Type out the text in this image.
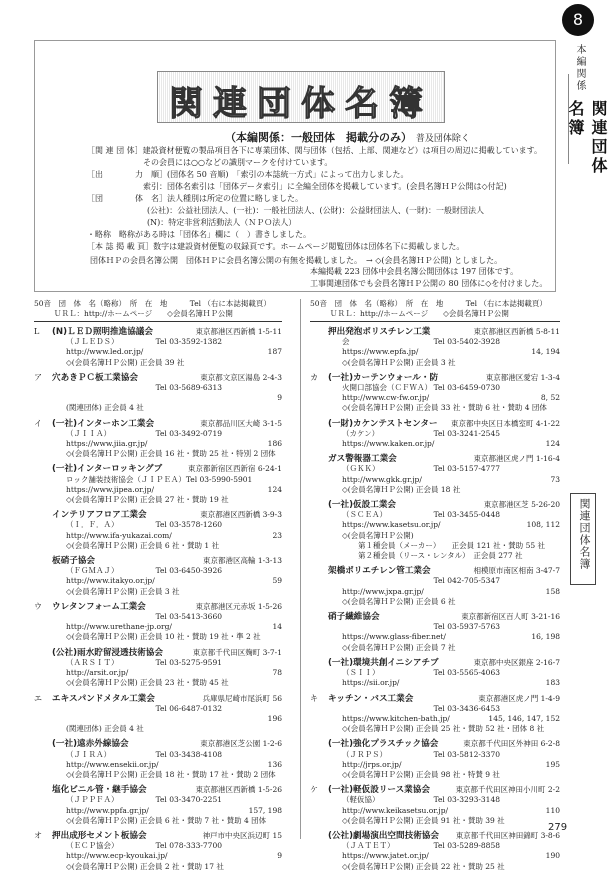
8
本編関係
関連団体名簿
関連団体名簿
関連団体名簿
（本編関係：一般団体　掲載分のみ） 普及団体除く
［関 連 団 体］建設資材便覧の製品項目各下に専業団体、関与団体（包括、上部、関連など）は項目の周辺に掲載しています。
その会員には○○などの識別マークを付けています。
［出　　　　力　順］(団体名 50 音順)　「索引の本誌統一方式」によって出力しました。
索引：団体名索引は「団体データ索引」に全編全団体を掲載しています。(会員名簿ＨＰ公開は◇付記)
［団　　　　体　名］法人種別は所定の位置に略しました。
(公社)：公益社団法人、(一社)：一般社団法人、(公財)：公益財団法人、(一財)：一般財団法人
(N)：特定非営利活動法人（ＮＰＯ法人）
・略称　略称がある時は「団体名」欄に（　）書きしました。
［本 誌 掲 載 頁］数字は建設資材便覧の収録頁です。ホームページ閲覧団体は団体名下に掲載しました。
団体ＨＰの会員名簿公開　団体ＨＰに会員名簿公開の有無を掲載しました。　→ ◇(会員名簿ＨＰ公開) としました。
本編掲載 223 団体中会員名簿公開団体は 197 団体です。
工事関連団体でも会員名簿ＨＰ公開の 80 団体に◇を付けました。
50音　団　体　名（略称）　所　在　地　　　Tel （右に本誌掲載頁）
ＵＲＬ：http://ホームページ　　◇会員名簿ＨＰ公開
L (N)ＬＥＤ照明推進協議会	東京都港区西新橋 1-5-11
（ＪＬＥＤＳ）	Tel 03-3592-1382
http://www.led.or.jp/	187
◇(会員名簿ＨＰ公開) 正会員 39 社
ア 穴あきＰＣ板工業協会	東京都文京区湯島 2-4-3
Tel 03-5689-6313
9
(関連団体) 正会員 4 社
イ (一社)インターホン工業会	東京都品川区大崎 3-1-5
（ＪＩＩＡ）	Tel 03-3492-0719
https://www.jiia.gr.jp/	186
◇(会員名簿ＨＰ公開) 正会員 16 社・賛助 25 社・特別 2 団体
(一社)インターロッキングブ	東京都新宿区西新宿 6-24-1
ロック舗装技術協会（ＪＩＰＥＡ） Tel 03-5990-5901
https://www.jipea.or.jp/	124
◇(会員名簿ＨＰ公開) 正会員 27 社・賛助 19 社
インテリアフロア工業会	東京都港区西新橋 3-9-3
（Ｉ．Ｆ．Ａ）	Tel 03-3578-1260
http://www.ifa-yukazai.com/	23
◇(会員名簿ＨＰ公開) 正会員 6 社・賛助 1 社
板硝子協会	東京都港区高輪 1-3-13
（ＦＧＭＡＪ）	Tel 03-6450-3926
http://www.itakyo.or.jp/	59
◇(会員名簿ＨＰ公開) 正会員 3 社
ウ ウレタンフォーム工業会	東京都港区元赤坂 1-5-26
Tel 03-5413-3660
http://www.urethane-jp.org/	14
◇(会員名簿ＨＰ公開) 正会員 10 社・賛助 19 社・準 2 社
(公社)雨水貯留浸透技術協会	東京都千代田区麹町 3-7-1
（ＡＲＳＩＴ）	Tel 03-5275-9591
http://arsit.or.jp/	78
◇(会員名簿ＨＰ公開) 正会員 23 社・賛助 45 社
エ エキスパンドメタル工業会	兵庫県尼崎市尾浜町 56
Tel 06-6487-0132
196
(関連団体) 正会員 4 社
(一社)遠赤外線協会	東京都港区芝公園 1-2-6
（ＪＩＲＡ）	Tel 03-3438-4108
http://www.ensekii.or.jp/	136
◇(会員名簿ＨＰ公開) 正会員 18 社・賛助 17 社・賛助 2 団体
塩化ビニル管・継手協会	東京都港区西新橋 1-5-26
（ＪＰＰＦＡ）	Tel 03-3470-2251
http://www.ppfa.gr.jp/	157, 198
◇(会員名簿ＨＰ公開) 正会員 6 社・賛助 7 社・賛助 4 団体
オ 押出成形セメント板協会	神戸市中央区浜辺町 15
（ＥＣＰ協会）	Tel 078-333-7700
http://www.ecp-kyoukai.jp/	9
◇(会員名簿ＨＰ公開) 正会員 2 社・賛助 17 社
50音　団　体　名（略称）　所　在　地　　　Tel （右に本誌掲載頁）
ＵＲＬ：http://ホームページ　　◇会員名簿ＨＰ公開
押出発泡ポリスチレン工業	東京都港区西新橋 5-8-11
会	Tel 03-5402-3928
https://www.epfa.jp/	14, 194
◇(会員名簿ＨＰ公開) 正会員 3 社
カ (一社)カーテンウォール・防	東京都港区愛宕 1-3-4
火開口部協会（ＣＦＷＡ） Tel 03-6459-0730
http://www.cw-fw.or.jp/	8, 52
◇(会員名簿ＨＰ公開) 正会員 33 社・賛助 6 社・賛助 4 団体
(一財)カケンテストセンター 東京都中央区日本橋室町 4-1-22
（カケン）	Tel 03-3241-2545
https://www.kaken.or.jp/	124
ガス警報器工業会	東京都港区虎ノ門 1-16-4
（ＧＫＫ）	Tel 03-5157-4777
http://www.gkk.gr.jp/	73
◇(会員名簿ＨＰ公開) 正会員 18 社
(一社)仮設工業会	東京都港区芝 5-26-20
（ＳＣＥＡ）	Tel 03-3455-0448
https://www.kasetsu.or.jp/	108, 112
◇(会員名簿ＨＰ公開)
第１種会員（メーカー）　　正会員 121 社・賛助 55 社
第２種会員（リース・レンタル）　正会員 277 社
架橋ポリエチレン管工業会	相模原市南区相南 3-47-7
Tel 042-705-5347
http://www.jxpa.gr.jp/	158
◇(会員名簿ＨＰ公開) 正会員 6 社
硝子繊維協会	東京都新宿区百人町 3-21-16
Tel 03-5937-5763
https://www.glass-fiber.net/	16, 198
◇(会員名簿ＨＰ公開) 正会員 7 社
(一社)環境共創イニシアチブ	東京都中央区銀座 2-16-7
（ＳＩＩ）	Tel 03-5565-4063
https://sii.or.jp/	183
キ キッチン・バス工業会	東京都港区虎ノ門 1-4-9
Tel 03-3436-6453
https://www.kitchen-bath.jp/	145, 146, 147, 152
◇(会員名簿ＨＰ公開) 正会員 25 社・賛助 52 社・団体 8 社
(一社)強化プラスチック協会	東京都千代田区外神田 6-2-8
（ＪＲＰＳ）	Tel 03-5812-3370
http://jrps.or.jp/	195
◇(会員名簿ＨＰ公開) 正会員 98 社・特賛 9 社
ケ (一社)軽仮設リース業協会	東京都千代田区神田小川町 2-2
（軽仮協）	Tel 03-3293-3148
http://www.keikasetsu.or.jp/	110
◇(会員名簿ＨＰ公開) 正会員 91 社・賛助 39 社
(公社)劇場演出空間技術協会 東京都千代田区神田錦町 3-8-6
（ＪＡＴＥＴ）	Tel 03-5289-8858
https://www.jatet.or.jp/	190
◇(会員名簿ＨＰ公開) 正会員 22 社・賛助 25 社
279
